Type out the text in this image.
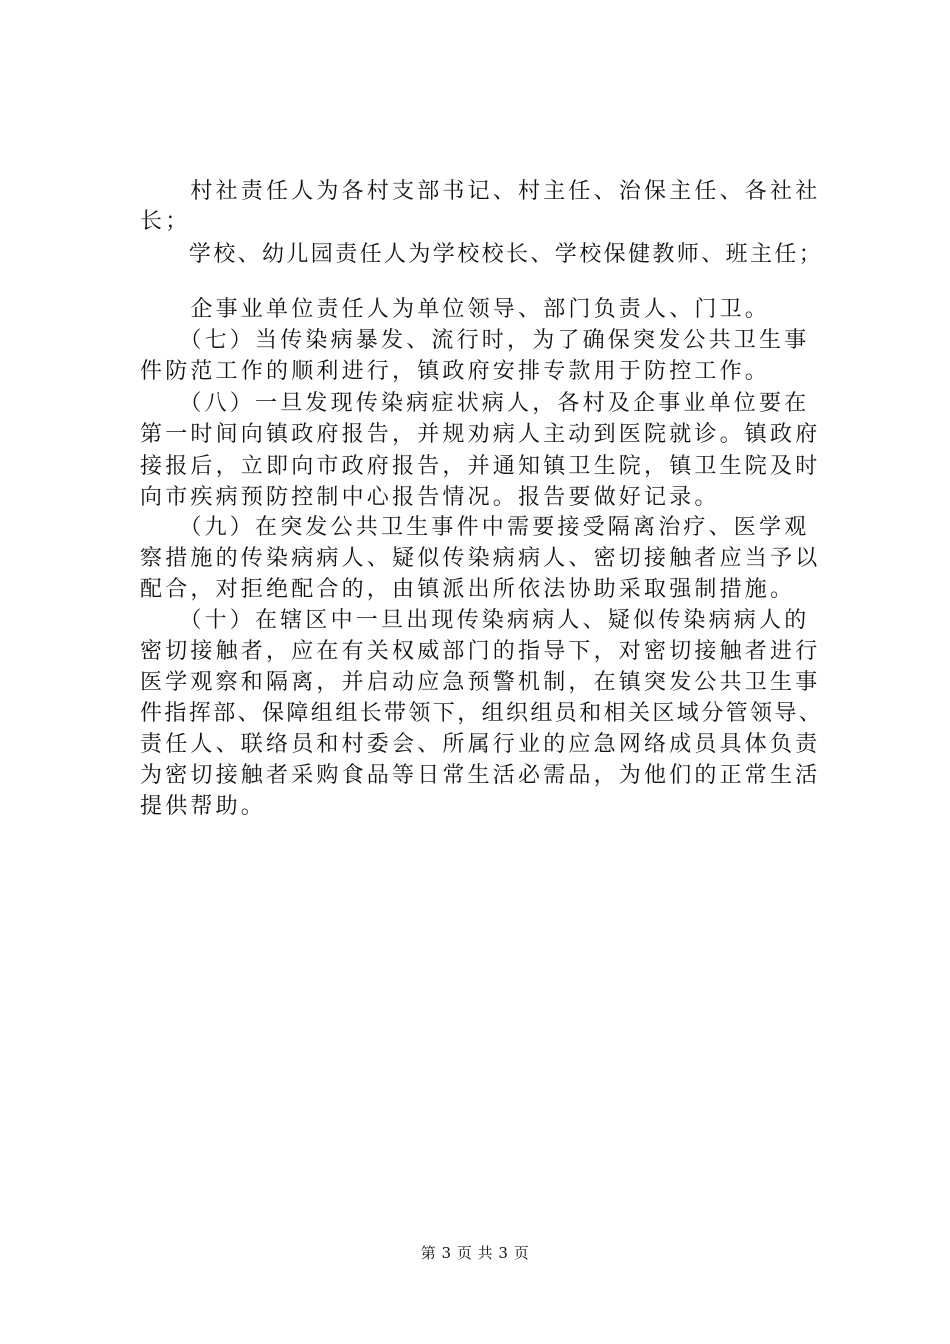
　　村社责任人为各村支部书记、村主任、治保主任、各社社
长；
　　学校、幼儿园责任人为学校校长、学校保健教师、班主任；
　　企事业单位责任人为单位领导、部门负责人、门卫。
　　（七）当传染病暴发、流行时，为了确保突发公共卫生事
件防范工作的顺利进行，镇政府安排专款用于防控工作。
　　（八）一旦发现传染病症状病人，各村及企事业单位要在
第一时间向镇政府报告，并规劝病人主动到医院就诊。镇政府
接报后，立即向市政府报告，并通知镇卫生院，镇卫生院及时
向市疾病预防控制中心报告情况。报告要做好记录。
　　（九）在突发公共卫生事件中需要接受隔离治疗、医学观
察措施的传染病病人、疑似传染病病人、密切接触者应当予以
配合，对拒绝配合的，由镇派出所依法协助采取强制措施。
　　（十）在辖区中一旦出现传染病病人、疑似传染病病人的
密切接触者，应在有关权威部门的指导下，对密切接触者进行
医学观察和隔离，并启动应急预警机制，在镇突发公共卫生事
件指挥部、保障组组长带领下，组织组员和相关区域分管领导、
责任人、联络员和村委会、所属行业的应急网络成员具体负责
为密切接触者采购食品等日常生活必需品，为他们的正常生活
提供帮助。
第 3 页 共 3 页
